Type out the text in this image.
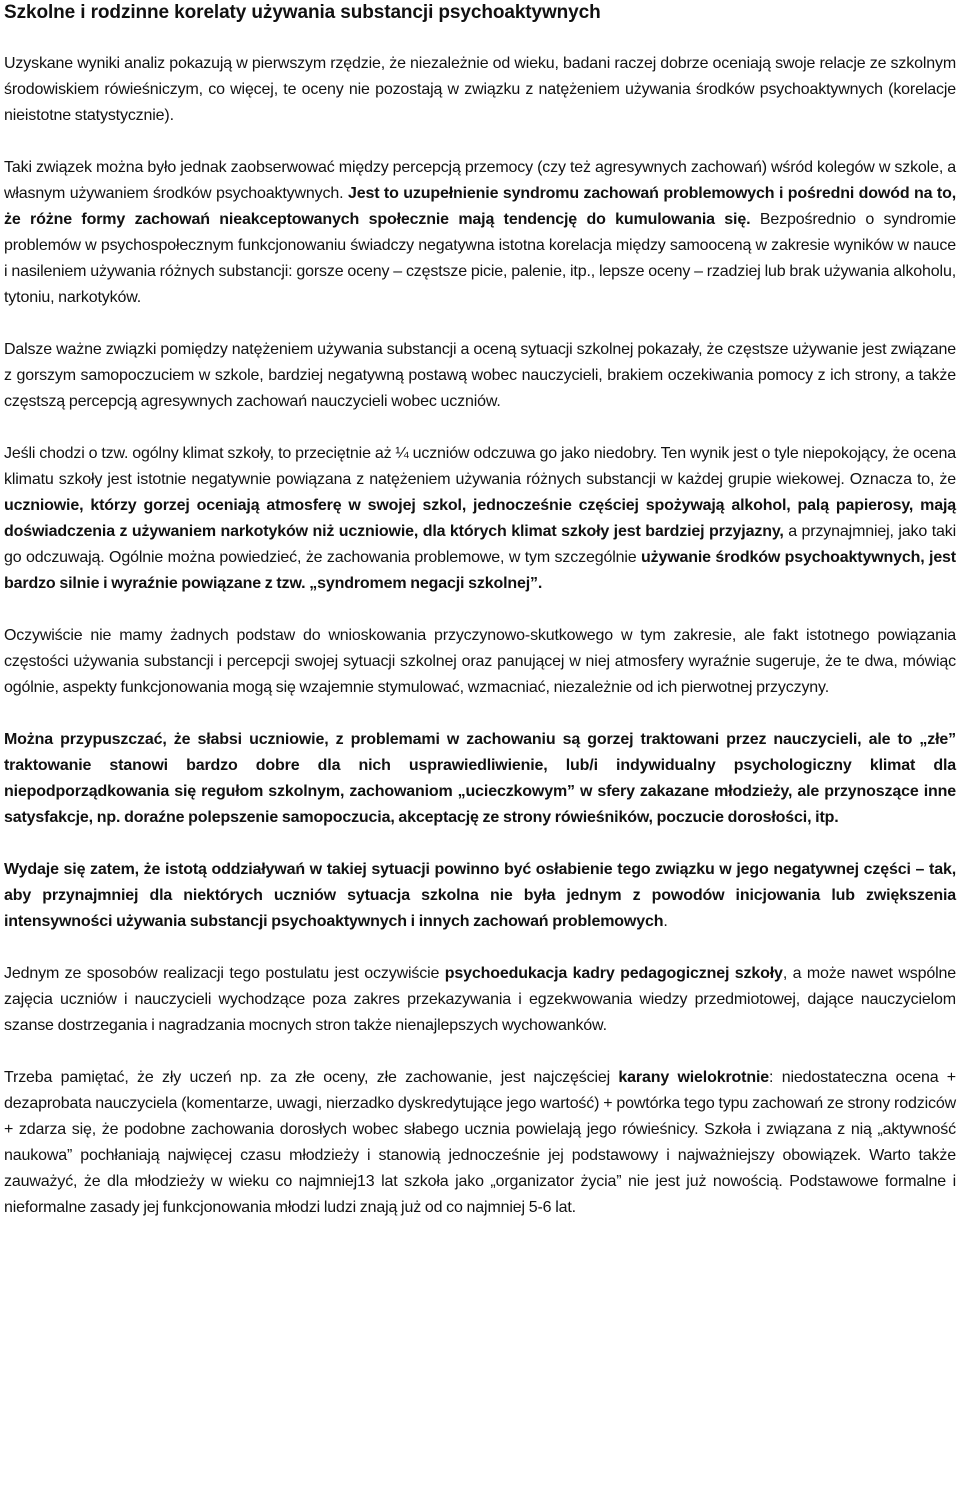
Szkolne i rodzinne korelaty używania substancji psychoaktywnych

Uzyskane wyniki analiz pokazują w pierwszym rzędzie, że niezależnie od wieku, badani raczej dobrze oceniają swoje relacje ze szkolnym środowiskiem rówieśniczym, co więcej, te oceny nie pozostają w związku z natężeniem używania środków psychoaktywnych (korelacje nieistotne statystycznie).

Taki związek można było jednak zaobserwować między percepcją przemocy (czy też agresywnych zachowań) wśród kolegów w szkole, a własnym używaniem środków psychoaktywnych. Jest to uzupełnienie syndromu zachowań problemowych i pośredni dowód na to, że różne formy zachowań nieakceptowanych społecznie mają tendencję do kumulowania się. Bezpośrednio o syndromie problemów w psychospołecznym funkcjonowaniu świadczy negatywna istotna korelacja między samooceną w zakresie wyników w nauce i nasileniem używania różnych substancji: gorsze oceny – częstsze picie, palenie, itp., lepsze oceny – rzadziej lub brak używania alkoholu, tytoniu, narkotyków.

Dalsze ważne związki pomiędzy natężeniem używania substancji a oceną sytuacji szkolnej pokazały, że częstsze używanie jest związane z gorszym samopoczuciem w szkole, bardziej negatywną postawą wobec nauczycieli, brakiem oczekiwania pomocy z ich strony, a także częstszą percepcją agresywnych zachowań nauczycieli wobec uczniów.

Jeśli chodzi o tzw. ogólny klimat szkoły, to przeciętnie aż ¼ uczniów odczuwa go jako niedobry. Ten wynik jest o tyle niepokojący, że ocena klimatu szkoły jest istotnie negatywnie powiązana z natężeniem używania różnych substancji w każdej grupie wiekowej. Oznacza to, że uczniowie, którzy gorzej oceniają atmosferę w swojej szkol, jednocześnie częściej spożywają alkohol, palą papierosy, mają doświadczenia z używaniem narkotyków niż uczniowie, dla których klimat szkoły jest bardziej przyjazny, a przynajmniej, jako taki go odczuwają. Ogólnie można powiedzieć, że zachowania problemowe, w tym szczególnie używanie środków psychoaktywnych, jest bardzo silnie i wyraźnie powiązane z tzw. „syndromem negacji szkolnej”.

Oczywiście nie mamy żadnych podstaw do wnioskowania przyczynowo-skutkowego w tym zakresie, ale fakt istotnego powiązania częstości używania substancji i percepcji swojej sytuacji szkolnej oraz panującej w niej atmosfery wyraźnie sugeruje, że te dwa, mówiąc ogólnie, aspekty funkcjonowania mogą się wzajemnie stymulować, wzmacniać, niezależnie od ich pierwotnej przyczyny.

Można przypuszczać, że słabsi uczniowie, z problemami w zachowaniu są gorzej traktowani przez nauczycieli, ale to „złe” traktowanie stanowi bardzo dobre dla nich usprawiedliwienie, lub/i indywidualny psychologiczny klimat dla niepodporządkowania się regułom szkolnym, zachowaniom „ucieczkowym” w sfery zakazane młodzieży, ale przynoszące inne satysfakcje, np. doraźne polepszenie samopoczucia, akceptację ze strony rówieśników, poczucie dorosłości, itp.

Wydaje się zatem, że istotą oddziaływań w takiej sytuacji powinno być osłabienie tego związku w jego negatywnej części – tak, aby przynajmniej dla niektórych uczniów sytuacja szkolna nie była jednym z powodów inicjowania lub zwiększenia intensywności używania substancji psychoaktywnych i innych zachowań problemowych.

Jednym ze sposobów realizacji tego postulatu jest oczywiście psychoedukacja kadry pedagogicznej szkoły, a może nawet wspólne zajęcia uczniów i nauczycieli wychodzące poza zakres przekazywania i egzekwowania wiedzy przedmiotowej, dające nauczycielom szanse dostrzegania i nagradzania mocnych stron także nienajlepszych wychowanków.

Trzeba pamiętać, że zły uczeń np. za złe oceny, złe zachowanie, jest najczęściej karany wielokrotnie: niedostateczna ocena + dezaprobata nauczyciela (komentarze, uwagi, nierzadko dyskredytujące jego wartość) + powtórka tego typu zachowań ze strony rodziców + zdarza się, że podobne zachowania dorosłych wobec słabego ucznia powielają jego rówieśnicy. Szkoła i związana z nią „aktywność naukowa” pochłaniają najwięcej czasu młodzieży i stanowią jednocześnie jej podstawowy i najważniejszy obowiązek. Warto także zauważyć, że dla młodzieży w wieku co najmniej13 lat szkoła jako „organizator życia” nie jest już nowością. Podstawowe formalne i nieformalne zasady jej funkcjonowania młodzi ludzi znają już od co najmniej 5-6 lat.
